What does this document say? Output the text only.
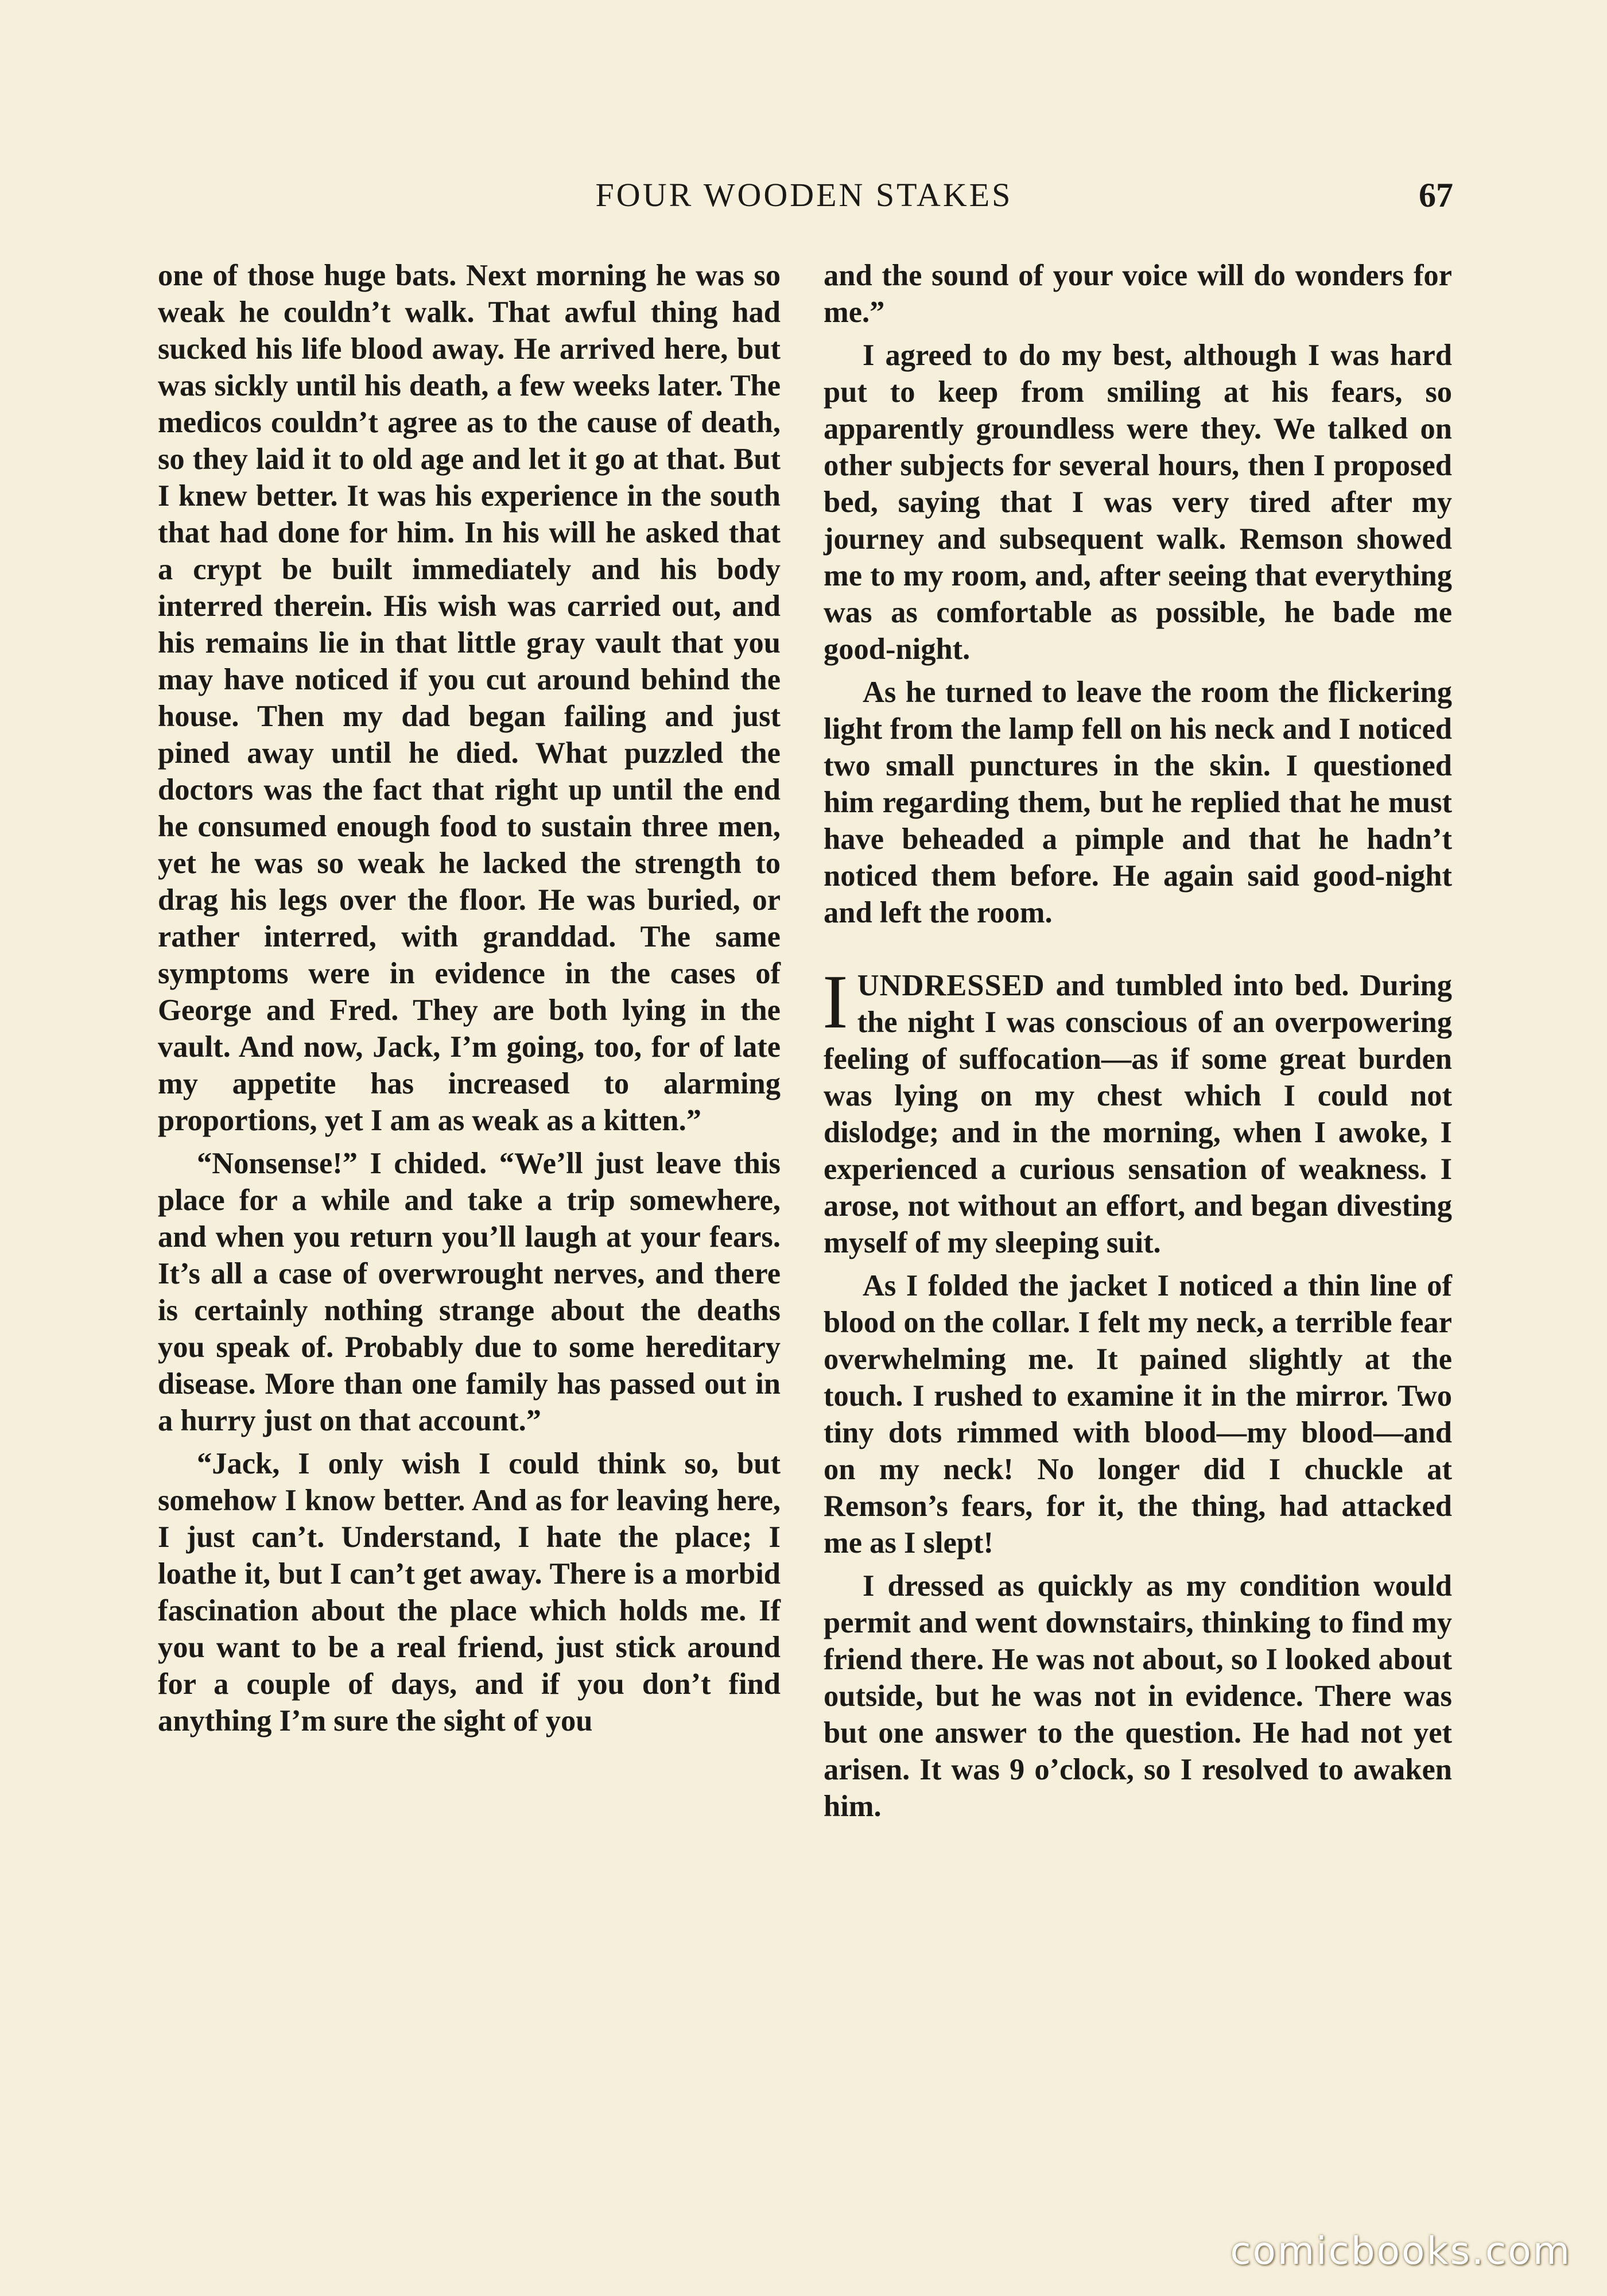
FOUR WOODEN STAKES	67

one of those huge bats. Next morning he was so weak he couldn’t walk. That awful thing had sucked his life blood away. He arrived here, but was sickly until his death, a few weeks later. The medicos couldn’t agree as to the cause of death, so they laid it to old age and let it go at that. But I knew better. It was his experience in the south that had done for him. In his will he asked that a crypt be built immediately and his body interred therein. His wish was carried out, and his remains lie in that little gray vault that you may have noticed if you cut around behind the house. Then my dad began failing and just pined away until he died. What puzzled the doctors was the fact that right up until the end he consumed enough food to sustain three men, yet he was so weak he lacked the strength to drag his legs over the floor. He was buried, or rather interred, with granddad. The same symptoms were in evidence in the cases of George and Fred. They are both lying in the vault. And now, Jack, I’m going, too, for of late my appetite has increased to alarming proportions, yet I am as weak as a kitten.”

“Nonsense!” I chided. “We’ll just leave this place for a while and take a trip somewhere, and when you return you’ll laugh at your fears. It’s all a case of overwrought nerves, and there is certainly nothing strange about the deaths you speak of. Probably due to some hereditary disease. More than one family has passed out in a hurry just on that account.”

“Jack, I only wish I could think so, but somehow I know better. And as for leaving here, I just can’t. Understand, I hate the place; I loathe it, but I can’t get away. There is a morbid fascination about the place which holds me. If you want to be a real friend, just stick around for a couple of days, and if you don’t find anything I’m sure the sight of you

and the sound of your voice will do wonders for me.”

I agreed to do my best, although I was hard put to keep from smiling at his fears, so apparently groundless were they. We talked on other subjects for several hours, then I proposed bed, saying that I was very tired after my journey and subsequent walk. Remson showed me to my room, and, after seeing that everything was as comfortable as possible, he bade me good-night.

As he turned to leave the room the flickering light from the lamp fell on his neck and I noticed two small punctures in the skin. I questioned him regarding them, but he replied that he must have beheaded a pimple and that he hadn’t noticed them before. He again said good-night and left the room.

IUNDRESSED and tumbled into bed. During the night I was conscious of an overpowering feeling of suffocation—as if some great burden was lying on my chest which I could not dislodge; and in the morning, when I awoke, I experienced a curious sensation of weakness. I arose, not without an effort, and began divesting myself of my sleeping suit.

As I folded the jacket I noticed a thin line of blood on the collar. I felt my neck, a terrible fear overwhelming me. It pained slightly at the touch. I rushed to examine it in the mirror. Two tiny dots rimmed with blood—my blood—and on my neck! No longer did I chuckle at Remson’s fears, for it, the thing, had attacked me as I slept!

I dressed as quickly as my condition would permit and went downstairs, thinking to find my friend there. He was not about, so I looked about outside, but he was not in evidence. There was but one answer to the question. He had not yet arisen. It was 9 o’clock, so I resolved to awaken him.

comicbooks.com
